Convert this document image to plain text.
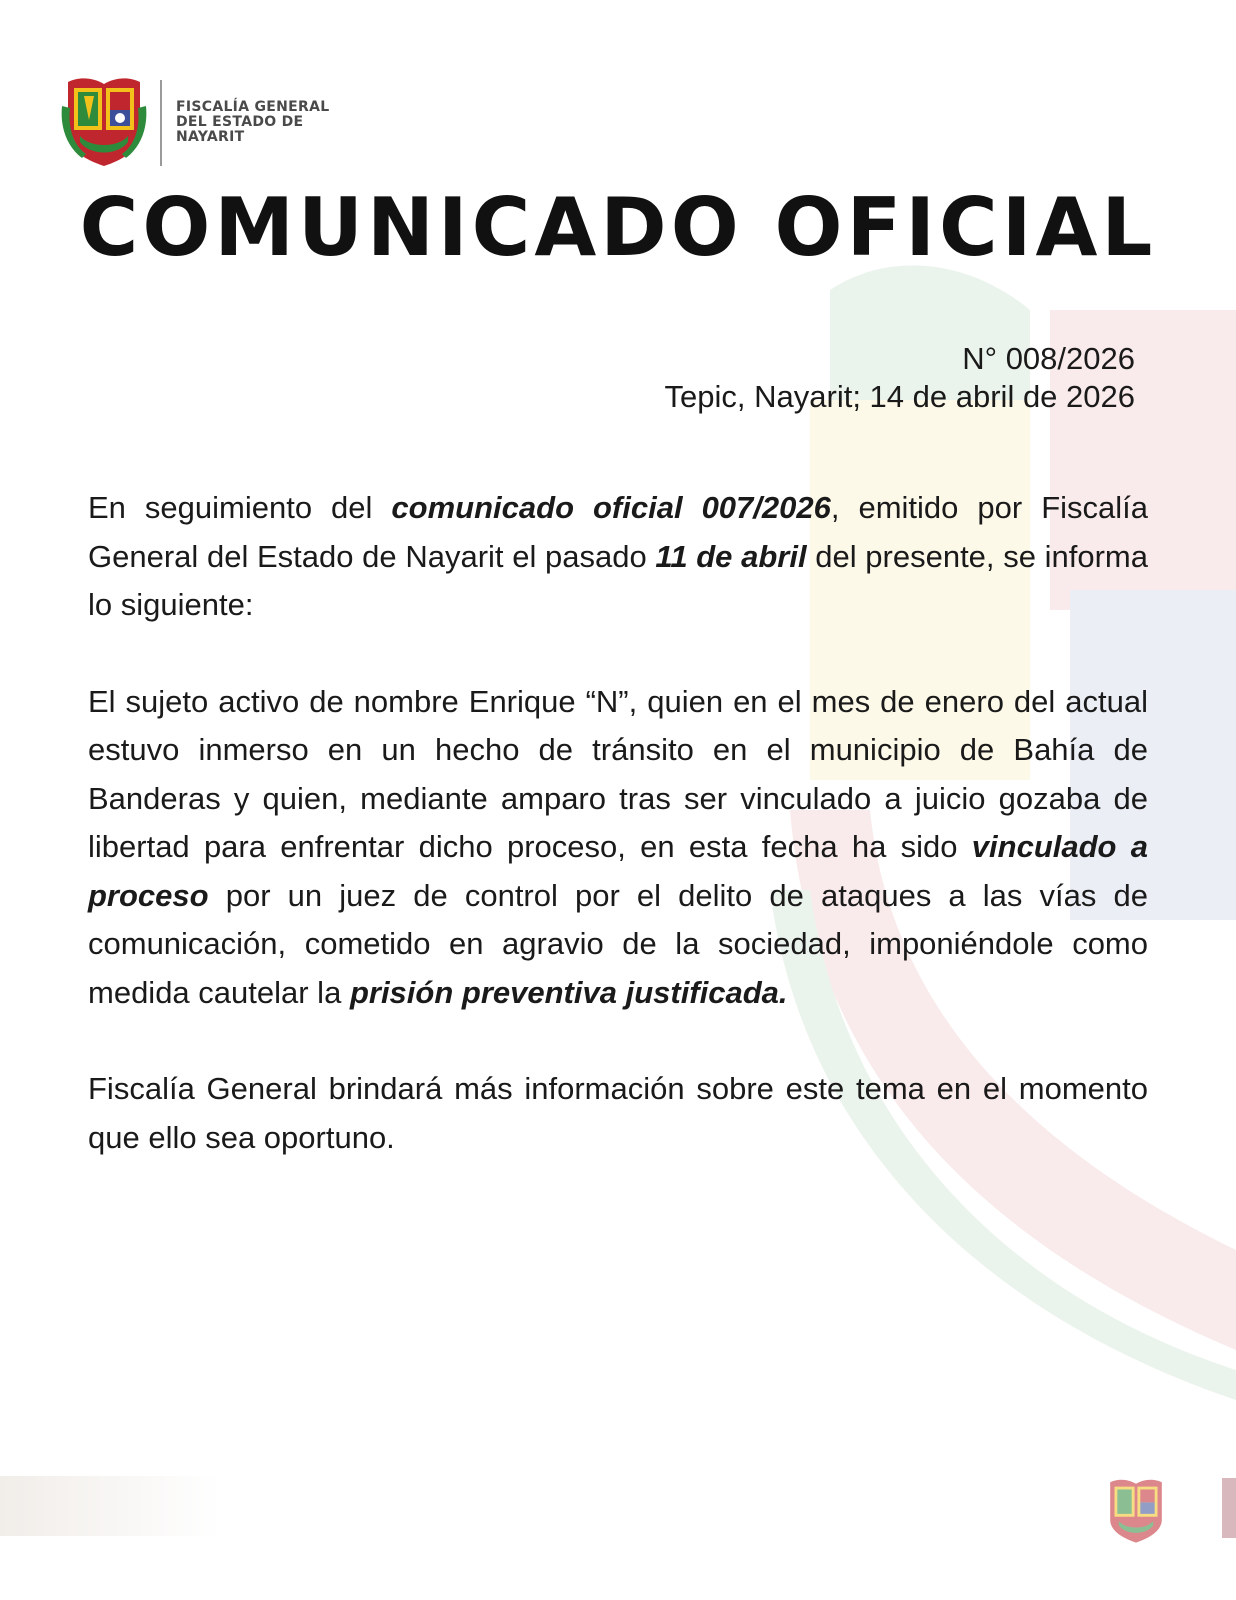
FISCALÍA GENERAL
DEL ESTADO DE
NAYARIT
COMUNICADO OFICIAL
N° 008/2026
Tepic, Nayarit; 14 de abril de 2026

En seguimiento del comunicado oficial 007/2026, emitido por Fiscalía General del Estado de Nayarit el pasado 11 de abril del presente, se informa lo siguiente:

El sujeto activo de nombre Enrique “N”, quien en el mes de enero del actual estuvo inmerso en un hecho de tránsito en el municipio de Bahía de Banderas y quien, mediante amparo tras ser vinculado a juicio gozaba de libertad para enfrentar dicho proceso, en esta fecha ha sido vinculado a proceso por un juez de control por el delito de ataques a las vías de comunicación, cometido en agravio de la sociedad, imponiéndole como medida cautelar la prisión preventiva justificada.

Fiscalía General brindará más información sobre este tema en el momento que ello sea oportuno.
